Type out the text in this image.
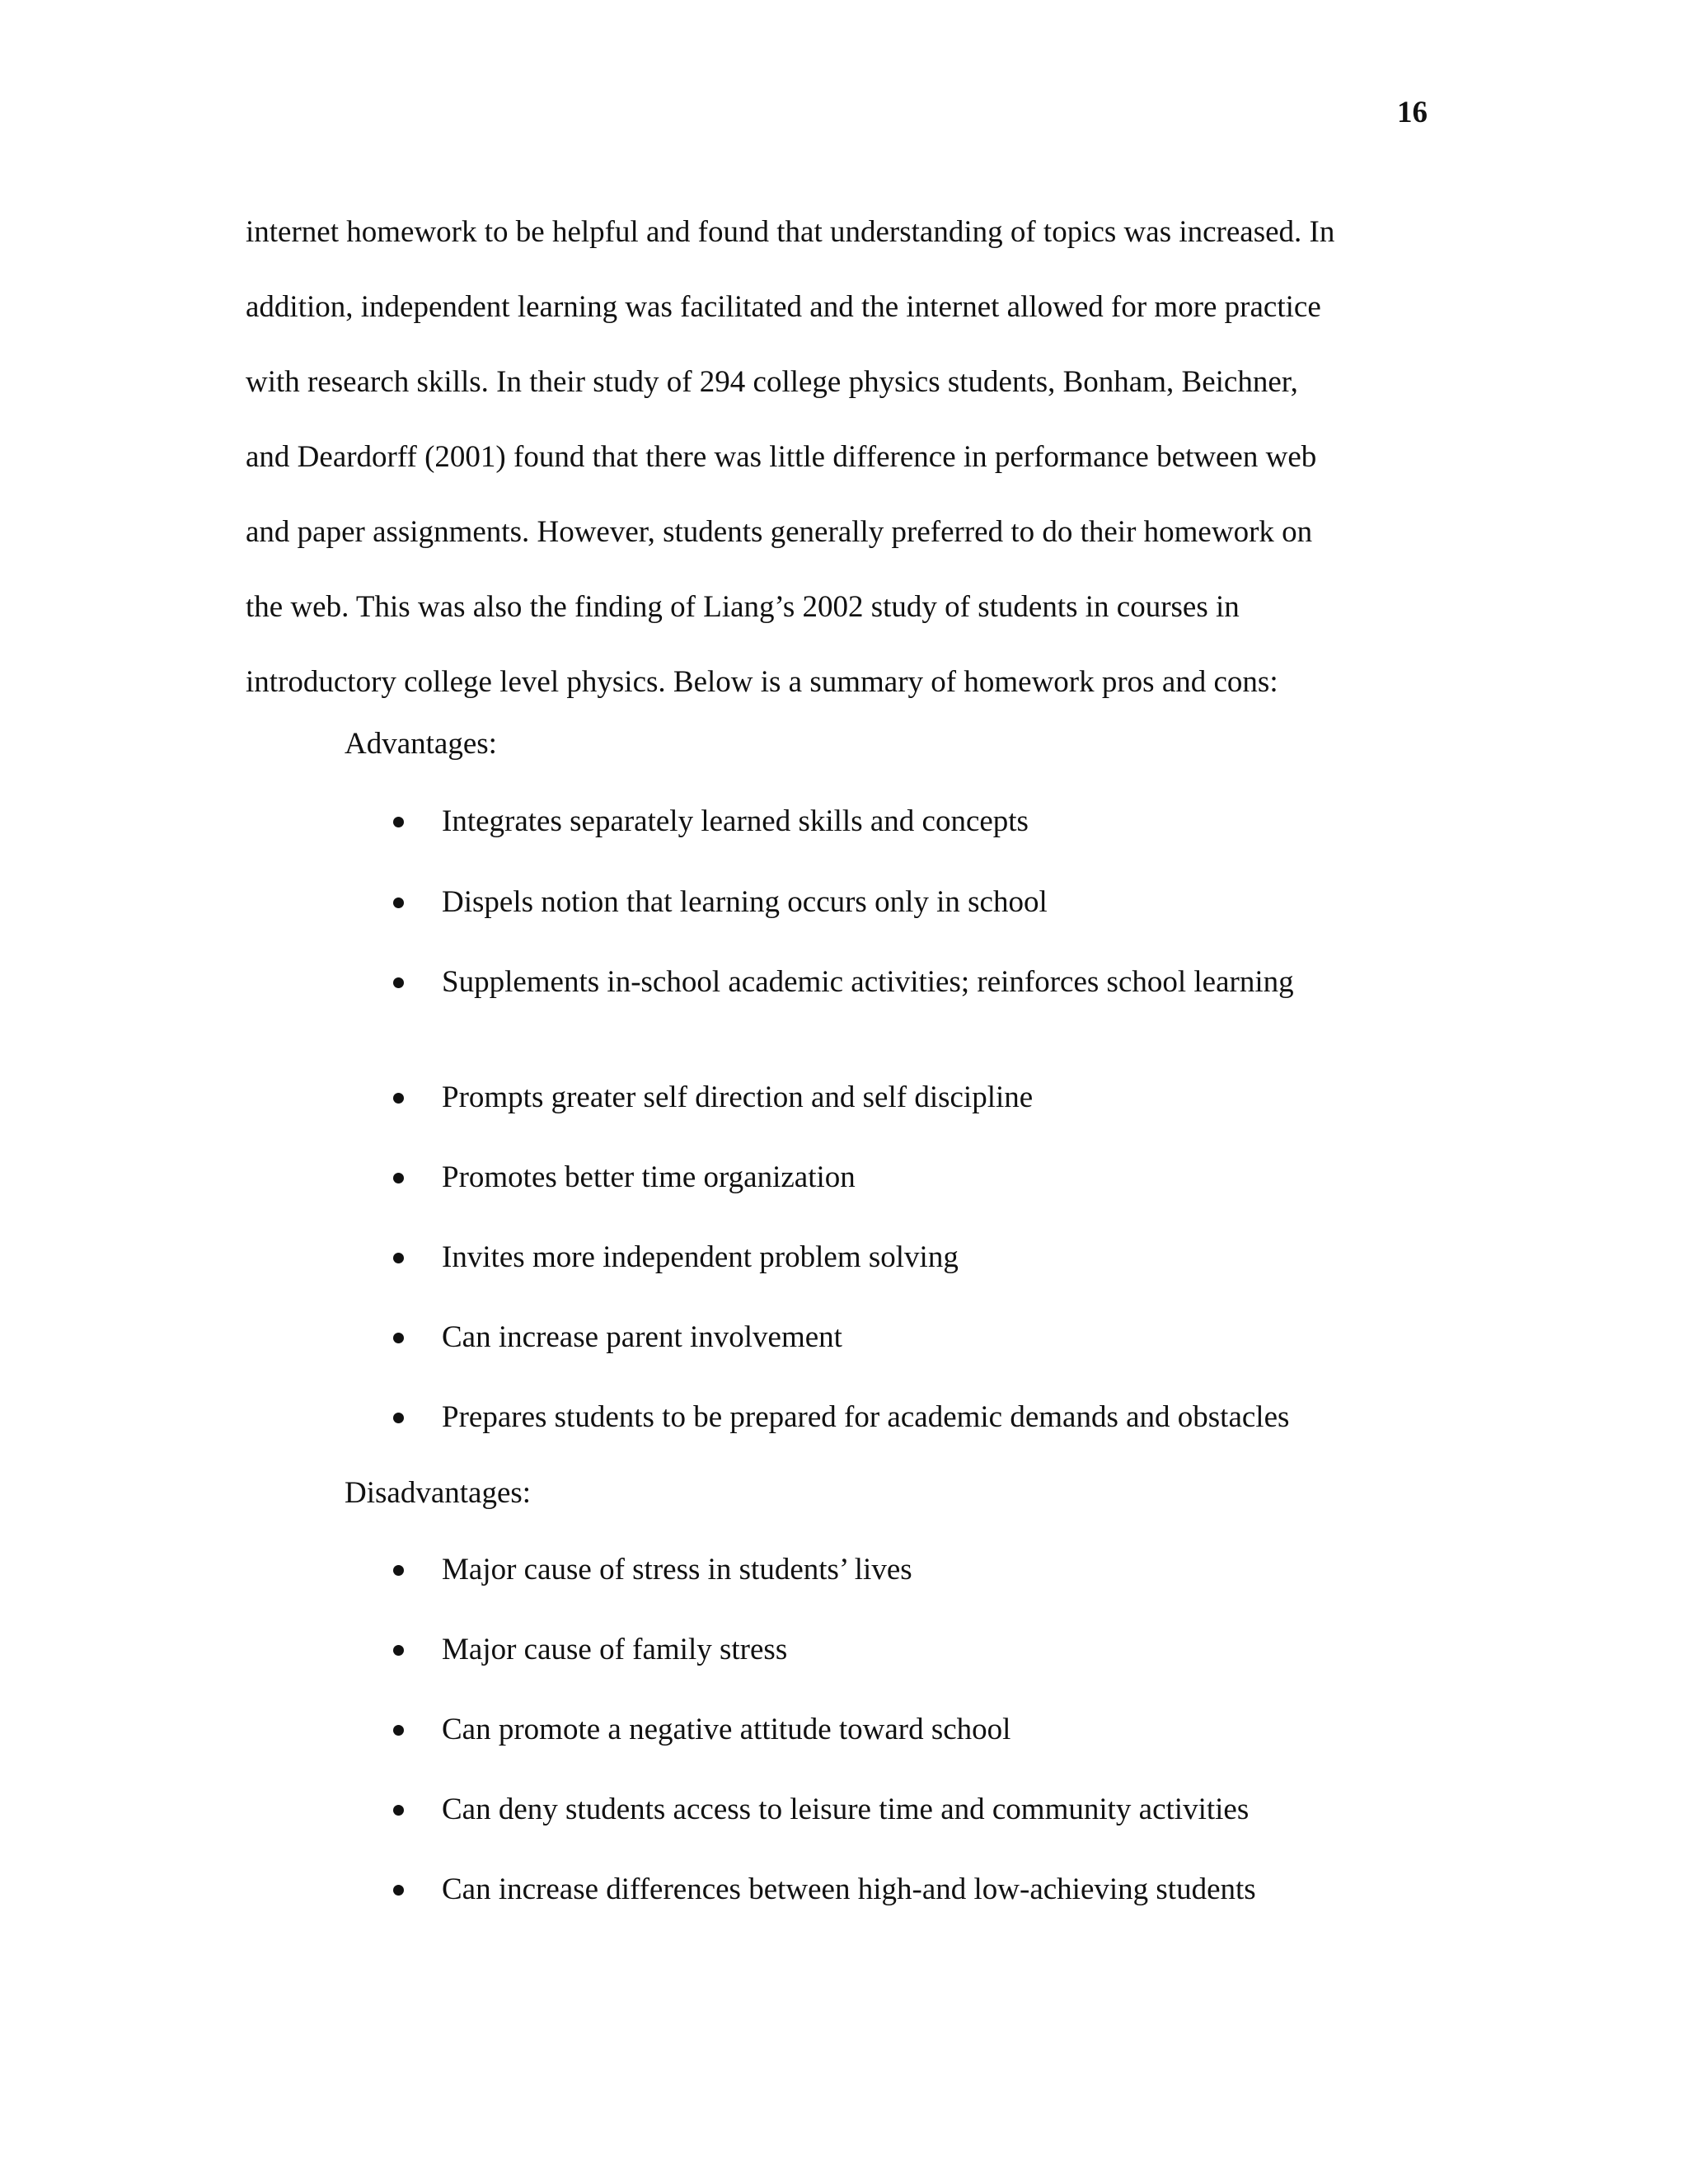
16
internet homework to be helpful and found that understanding of topics was increased. In
addition, independent learning was facilitated and the internet allowed for more practice
with research skills. In their study of 294 college physics students, Bonham, Beichner,
and Deardorff (2001) found that there was little difference in performance between web
and paper assignments. However, students generally preferred to do their homework on
the web. This was also the finding of Liang’s 2002 study of students in courses in
introductory college level physics. Below is a summary of homework pros and cons:
Advantages:
Integrates separately learned skills and concepts
Dispels notion that learning occurs only in school
Supplements in-school academic activities; reinforces school learning
Prompts greater self direction and self discipline
Promotes better time organization
Invites more independent problem solving
Can increase parent involvement
Prepares students to be prepared for academic demands and obstacles
Disadvantages:
Major cause of stress in students’ lives
Major cause of family stress
Can promote a negative attitude toward school
Can deny students access to leisure time and community activities
Can increase differences between high-and low-achieving students
